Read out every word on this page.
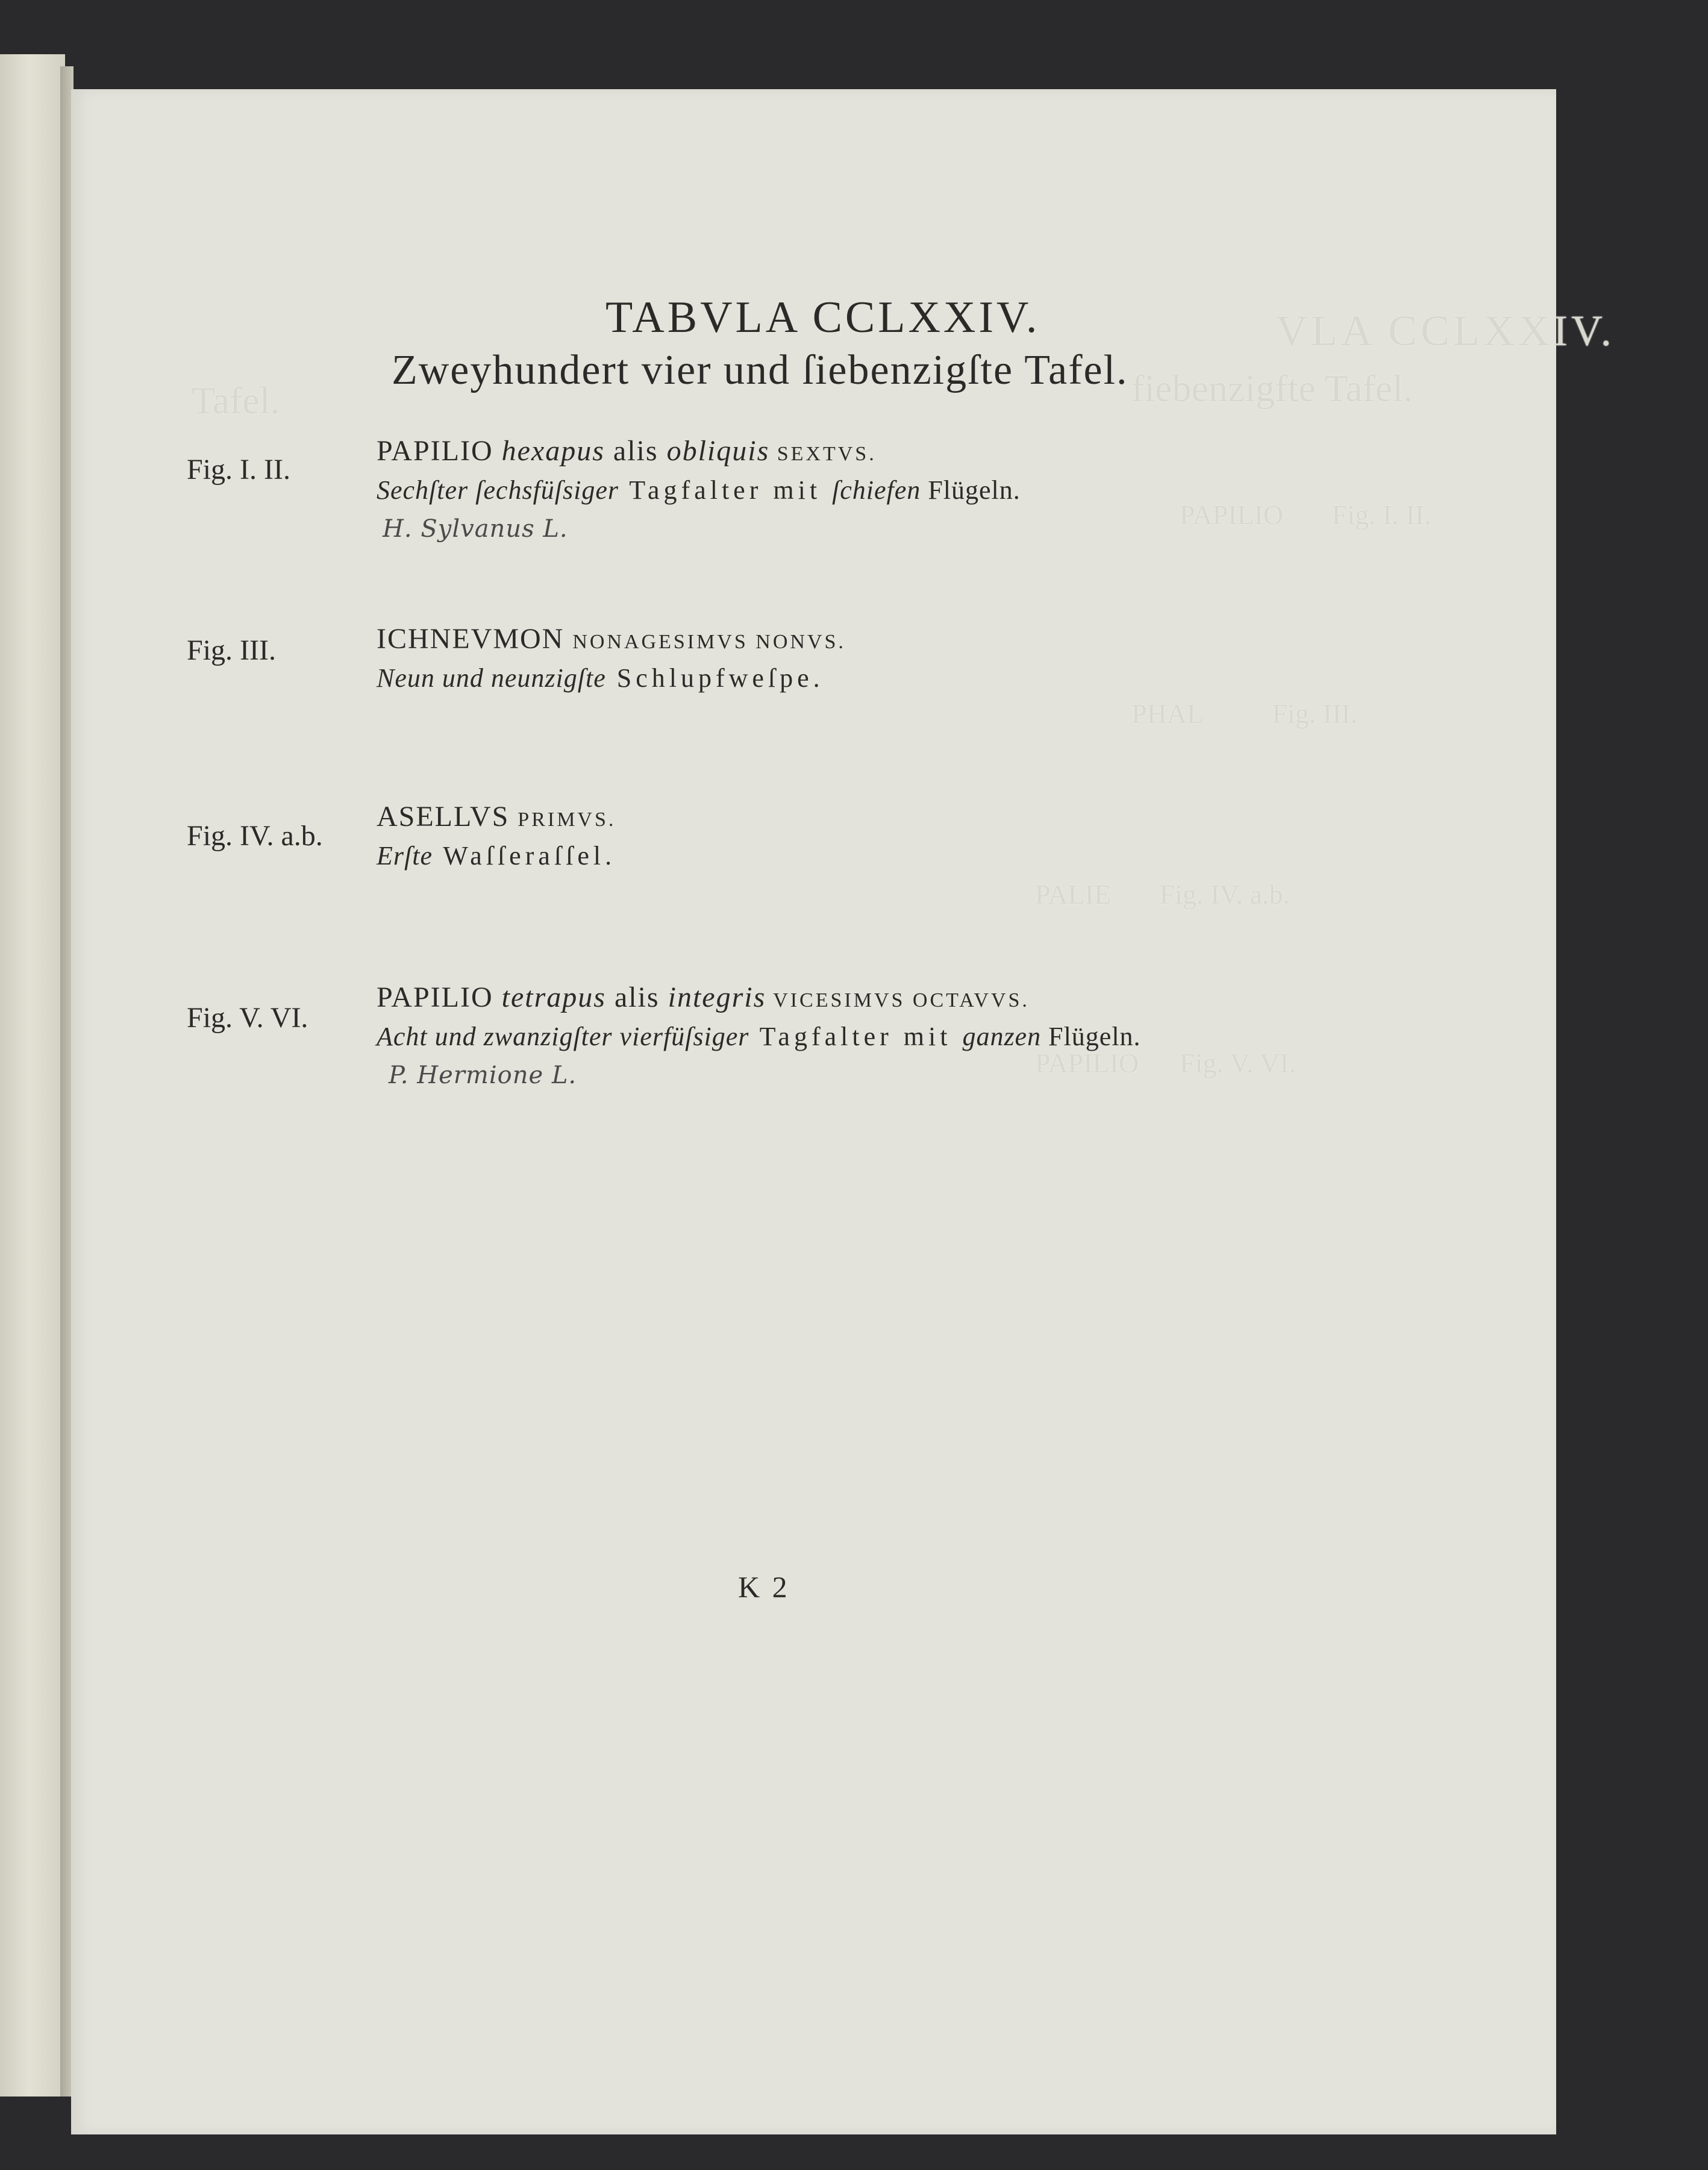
VLA CCLXXIV.
fiebenzigfte Tafel.
Tafel.
PAPILIO       Fig. I. II.
PHAL          Fig. III.
PALIE       Fig. IV. a.b.
PAPILIO Fig. V. VI.
TABVLA CCLXXIV.
Zweyhundert vier und ſiebenzigſte Tafel.
Fig. I. II.
PAPILIO hexapus alis obliquis SEXTVS.
Sechſter ſechsfüſsiger Tagfalter mit ſchiefen Flügeln.
H. Sylvanus L.
Fig. III.	ICHNEVMON NONAGESIMVS NONVS.
Neun und neunzigſte Schlupfweſpe.
Fig. IV. a.b.
ASELLVS PRIMVS.
Erſte Waſſeraſſel.
Fig. V. VI.
PAPILIO tetrapus alis integris VICESIMVS OCTAVVS.
Acht und zwanzigſter vierfüſsiger Tagfalter mit ganzen Flügeln.
P. Hermione L.
K 2
